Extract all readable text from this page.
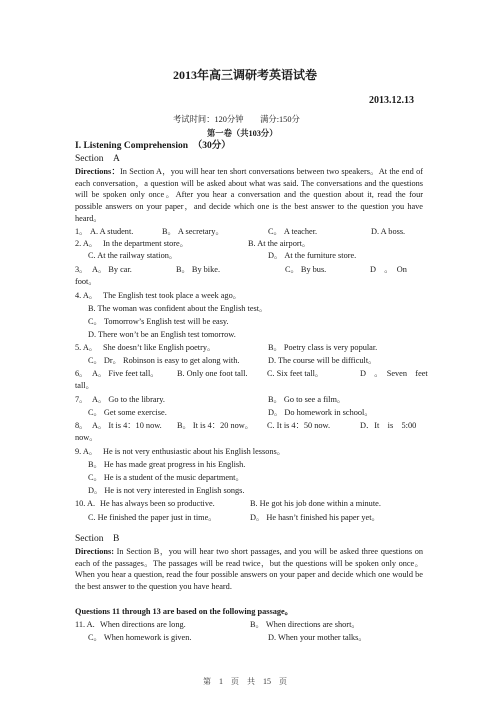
2013年高三调研考英语试卷
2013.12.13
考试时间：120分钟　　满分:150分
第一卷（共103分）
I. Listening Comprehension　（30分）
Section　A
Directions：In Section A，you will hear ten short conversations between two speakers。At the end of each conversation，a question will be asked about what was said. The conversations and the questions will be spoken only once。After you hear a conversation and the question about it, read the four possible answers on your paper，and decide which one is the best answer to the question you have heard。
1。 A. A student.	B。 A secretary。	C。 A teacher.	D. A boss.
2. A。 In the department store。	B. At the airport。
C. At the railway station。	D。 At the furniture store.
3。 A。 By car.	B。 By bike.	C。 By bus.	D　。　On
foot。
4. A。 The English test took place a week ago。
B. The woman was confident about the English test。
C。 Tomorrow’s English test will be easy.
D. There won’t be an English test tomorrow.
5. A。 She doesn’t like English poetry。	B。 Poetry class is very popular.
C。 Dr。 Robinson is easy to get along with.	D. The course will be difficult。
6。 A。 Five feet tall。 B. Only one foot tall. C. Six feet tall。	D　。　Seven　feet
tall。
7。 A。 Go to the library.	B。 Go to see a film。
C。 Get some exercise.	D。 Do homework in school。
8。 A。 It is 4：10 now. B。 It is 4：20 now。 C. It is 4：50 now.	D．It　is　5:00
now。
9. A。 He is not very enthusiastic about his English lessons。
B。 He has made great progress in his English.
C。 He is a student of the music department。
D。 He is not very interested in English songs.
10. A. He has always been so productive.	B. He got his job done within a minute.
C. He finished the paper just in time。	D。 He hasn’t finished his paper yet。
Section　B
Directions: In Section B，you will hear two short passages, and you will be asked three questions on each of the passages。The passages will be read twice，but the questions will be spoken only once。When you hear a question, read the four possible answers on your paper and decide which one would be the best answer to the question you have heard.
Questions 11 through 13 are based on the following passage。
11. A. When directions are long.	B。 When directions are short。
C。 When homework is given.	D. When your mother talks。
第　1　页　共　15　页
